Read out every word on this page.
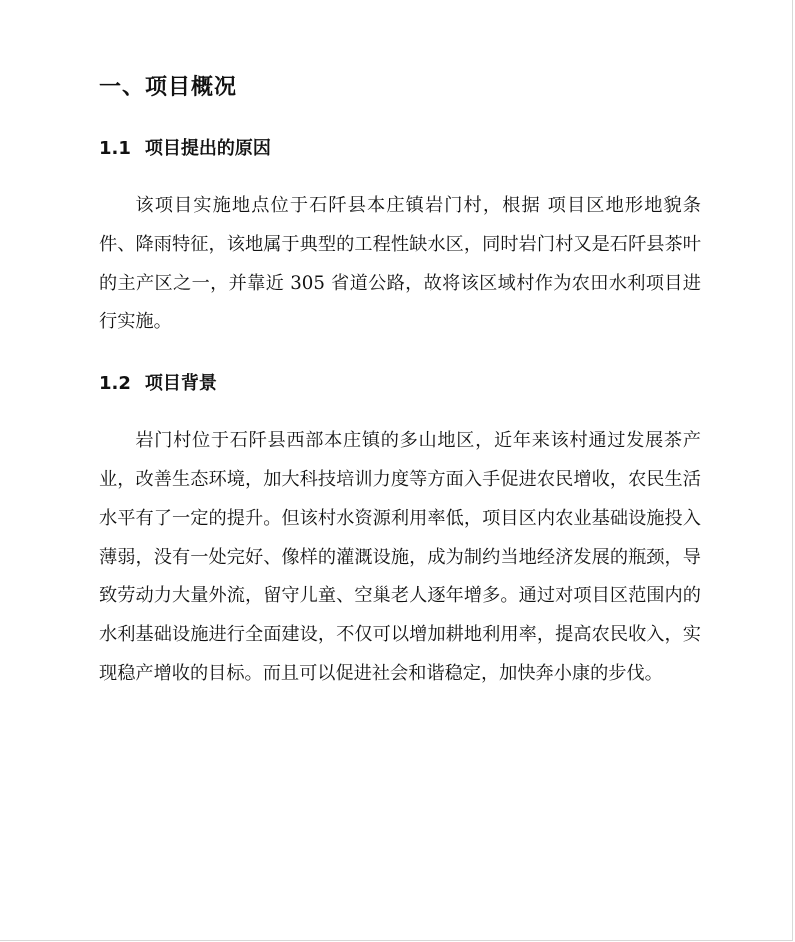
一、项目概况
1.1 项目提出的原因

该项目实施地点位于石阡县本庄镇岩门村，根据 项目区地形地貌条件、降雨特征，该地属于典型的工程性缺水区，同时岩门村又是石阡县茶叶的主产区之一，并靠近 305 省道公路，故将该区域村作为农田水利项目进行实施。

1.2 项目背景

岩门村位于石阡县西部本庄镇的多山地区，近年来该村通过发展茶产业，改善生态环境，加大科技培训力度等方面入手促进农民增收，农民生活水平有了一定的提升。但该村水资源利用率低，项目区内农业基础设施投入薄弱，没有一处完好、像样的灌溉设施，成为制约当地经济发展的瓶颈，导致劳动力大量外流，留守儿童、空巢老人逐年增多。通过对项目区范围内的水利基础设施进行全面建设，不仅可以增加耕地利用率，提高农民收入，实现稳产增收的目标。而且可以促进社会和谐稳定，加快奔小康的步伐。
